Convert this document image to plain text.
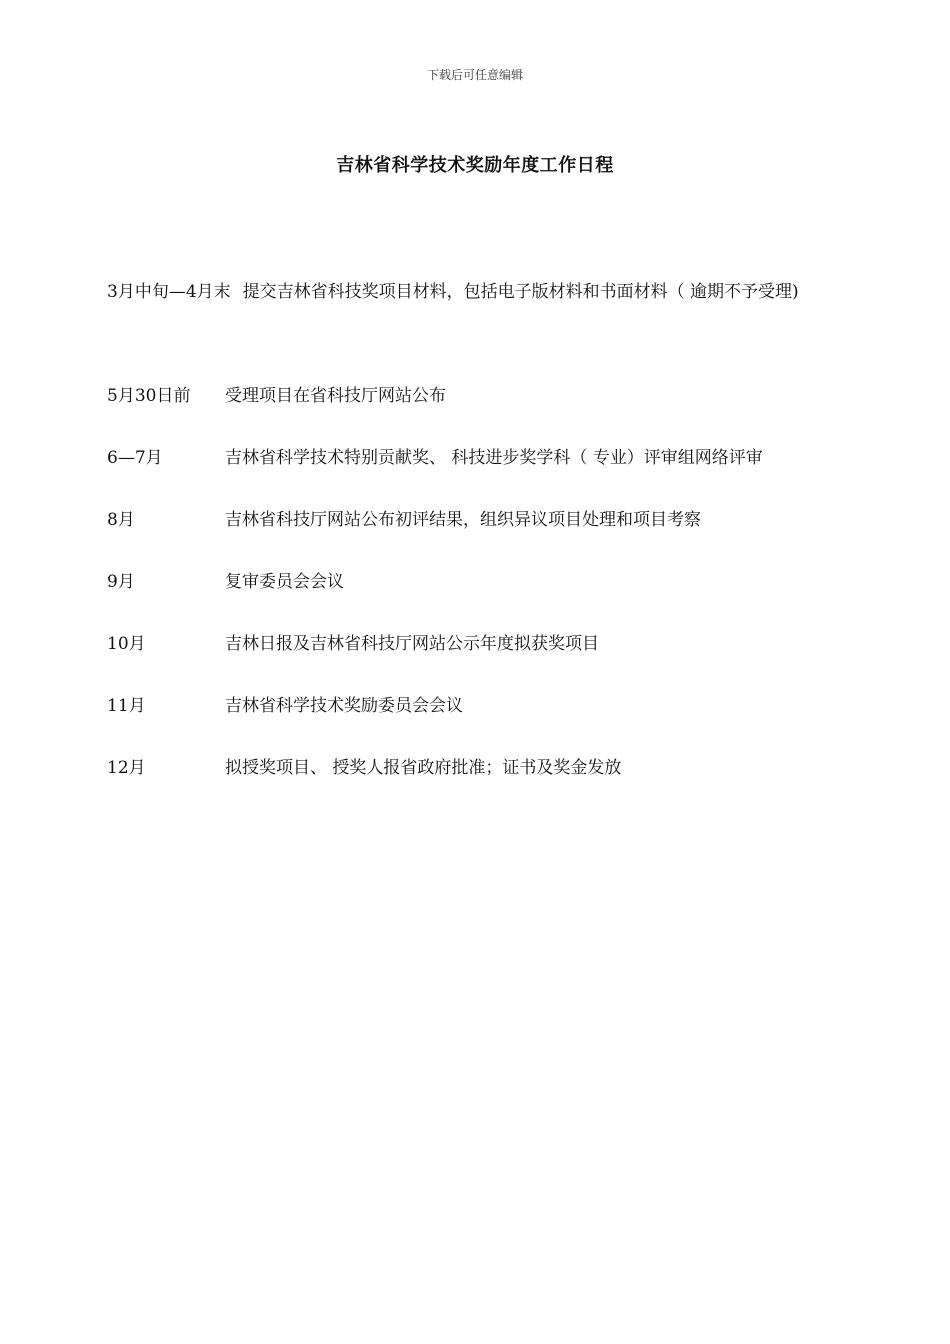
下载后可任意编辑
吉林省科学技术奖励年度工作日程
3月中旬—4月末 提交吉林省科技奖项目材料，包括电子版材料和书面材料（ 逾期不予受理)
5月30日前 受理项目在省科技厅网站公布
6—7月	吉林省科学技术特别贡献奖、 科技进步奖学科（ 专业）评审组网络评审
8月	吉林省科技厅网站公布初评结果，组织异议项目处理和项目考察
9月	复审委员会会议
10月	吉林日报及吉林省科技厅网站公示年度拟获奖项目
11月	吉林省科学技术奖励委员会会议
12月	拟授奖项目、 授奖人报省政府批准；证书及奖金发放
